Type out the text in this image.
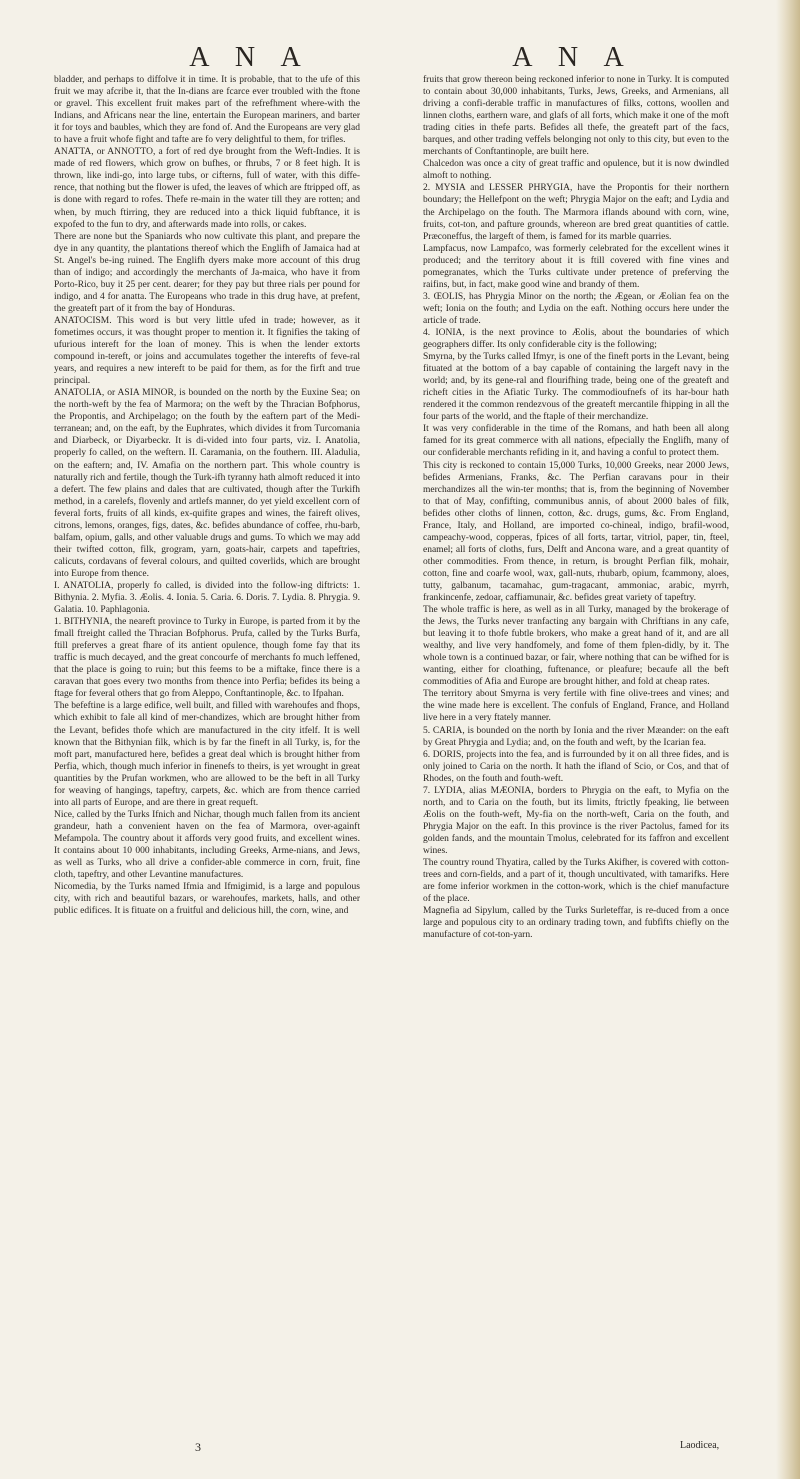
A N A	A N A

bladder, and perhaps to diffolve it in time. It is probable, that to the ufe of this fruit we may afcribe it, that the In-dians are fcarce ever troubled with the ftone or gravel. This excellent fruit makes part of the refrefhment where-with the Indians, and Africans near the line, entertain the European mariners, and barter it for toys and baubles, which they are fond of. And the Europeans are very glad to have a fruit whofe fight and tafte are fo very delightful to them, for trifles.

ANATTA, or ANNOTTO, a fort of red dye brought from the Weft-Indies. It is made of red flowers, which grow on bufhes, or fhrubs, 7 or 8 feet high. It is thrown, like indi-go, into large tubs, or cifterns, full of water, with this diffe-rence, that nothing but the flower is ufed, the leaves of which are ftripped off, as is done with regard to rofes. Thefe re-main in the water till they are rotten; and when, by much ftirring, they are reduced into a thick liquid fubftance, it is expofed to the fun to dry, and afterwards made into rolls, or cakes.

There are none but the Spaniards who now cultivate this plant, and prepare the dye in any quantity, the plantations thereof which the Englifh of Jamaica had at St. Angel's be-ing ruined. The Englifh dyers make more account of this drug than of indigo; and accordingly the merchants of Ja-maica, who have it from Porto-Rico, buy it 25 per cent. dearer; for they pay but three rials per pound for indigo, and 4 for anatta. The Europeans who trade in this drug have, at prefent, the greateft part of it from the bay of Honduras.

ANATOCISM. This word is but very little ufed in trade; however, as it fometimes occurs, it was thought proper to mention it. It fignifies the taking of ufurious intereft for the loan of money. This is when the lender extorts compound in-tereft, or joins and accumulates together the interefts of feve-ral years, and requires a new intereft to be paid for them, as for the firft and true principal.

ANATOLIA, or ASIA MINOR, is bounded on the north by the Euxine Sea; on the north-weft by the fea of Marmora; on the weft by the Thracian Bofphorus, the Propontis, and Archipelago; on the fouth by the eaftern part of the Medi-terranean; and, on the eaft, by the Euphrates, which divides it from Turcomania and Diarbeck, or Diyarbeckr. It is di-vided into four parts, viz. I. Anatolia, properly fo called, on the weftern. II. Caramania, on the fouthern. III. Aladulia, on the eaftern; and, IV. Amafia on the northern part. This whole country is naturally rich and fertile, though the Turk-ifh tyranny hath almoft reduced it into a defert. The few plains and dales that are cultivated, though after the Turkifh method, in a carelefs, flovenly and artlefs manner, do yet yield excellent corn of feveral forts, fruits of all kinds, ex-quifite grapes and wines, the faireft olives, citrons, lemons, oranges, figs, dates, &c. befides abundance of coffee, rhu-barb, balfam, opium, galls, and other valuable drugs and gums. To which we may add their twifted cotton, filk, grogram, yarn, goats-hair, carpets and tapeftries, calicuts, cordavans of feveral colours, and quilted coverlids, which are brought into Europe from thence.

I. ANATOLIA, properly fo called, is divided into the follow-ing diftricts: 1. Bithynia. 2. Myfia. 3. Æolis. 4. Ionia. 5. Caria. 6. Doris. 7. Lydia. 8. Phrygia. 9. Galatia. 10. Paphlagonia.

1. BITHYNIA, the neareft province to Turky in Europe, is parted from it by the fmall ftreight called the Thracian Bofphorus. Prufa, called by the Turks Burfa, ftill preferves a great fhare of its antient opulence, though fome fay that its traffic is much decayed, and the great concourfe of merchants fo much leffened, that the place is going to ruin; but this feems to be a miftake, fince there is a caravan that goes every two months from thence into Perfia; befides its being a ftage for feveral others that go from Aleppo, Conftantinople, &c. to Ifpahan.

The befeftine is a large edifice, well built, and filled with warehoufes and fhops, which exhibit to fale all kind of mer-chandizes, which are brought hither from the Levant, befides thofe which are manufactured in the city itfelf. It is well known that the Bithynian filk, which is by far the fineft in all Turky, is, for the moft part, manufactured here, befides a great deal which is brought hither from Perfia, which, though much inferior in finenefs to theirs, is yet wrought in great quantities by the Prufan workmen, who are allowed to be the beft in all Turky for weaving of hangings, tapeftry, carpets, &c. which are from thence carried into all parts of Europe, and are there in great requeft.

Nice, called by the Turks Ifnich and Nichar, though much fallen from its ancient grandeur, hath a convenient haven on the fea of Marmora, over-againft Mefampola. The country about it affords very good fruits, and excellent wines. It contains about 10 000 inhabitants, including Greeks, Arme-nians, and Jews, as well as Turks, who all drive a confider-able commerce in corn, fruit, fine cloth, tapeftry, and other Levantine manufactures.

Nicomedia, by the Turks named Ifmia and Ifmigimid, is a large and populous city, with rich and beautiful bazars, or warehoufes, markets, halls, and other public edifices. It is fituate on a fruitful and delicious hill, the corn, wine, and

fruits that grow thereon being reckoned inferior to none in Turky. It is computed to contain about 30,000 inhabitants, Turks, Jews, Greeks, and Armenians, all driving a confi-derable traffic in manufactures of filks, cottons, woollen and linnen cloths, earthern ware, and glafs of all forts, which make it one of the moft trading cities in thefe parts. Befides all thefe, the greateft part of the facs, barques, and other trading veffels belonging not only to this city, but even to the merchants of Conftantinople, are built here.

Chalcedon was once a city of great traffic and opulence, but it is now dwindled almoft to nothing.

2. MYSIA and LESSER PHRYGIA, have the Propontis for their northern boundary; the Hellefpont on the weft; Phrygia Major on the eaft; and Lydia and the Archipelago on the fouth. The Marmora iflands abound with corn, wine, fruits, cot-ton, and pafture grounds, whereon are bred great quantities of cattle. Præconeffus, the largeft of them, is famed for its marble quarries.

Lampfacus, now Lampafco, was formerly celebrated for the excellent wines it produced; and the territory about it is ftill covered with fine vines and pomegranates, which the Turks cultivate under pretence of preferving the raifins, but, in fact, make good wine and brandy of them.

3. ŒOLIS, has Phrygia Minor on the north; the Ægean, or Æolian fea on the weft; Ionia on the fouth; and Lydia on the eaft. Nothing occurs here under the article of trade.

4. IONIA, is the next province to Æolis, about the boundaries of which geographers differ. Its only confiderable city is the following;

Smyrna, by the Turks called Ifmyr, is one of the fineft ports in the Levant, being fituated at the bottom of a bay capable of containing the largeft navy in the world; and, by its gene-ral and flourifhing trade, being one of the greateft and richeft cities in the Afiatic Turky. The commodioufnefs of its har-bour hath rendered it the common rendezvous of the greateft mercantile fhipping in all the four parts of the world, and the ftaple of their merchandize.

It was very confiderable in the time of the Romans, and hath been all along famed for its great commerce with all nations, efpecially the Englifh, many of our confiderable merchants refiding in it, and having a conful to protect them.

This city is reckoned to contain 15,000 Turks, 10,000 Greeks, near 2000 Jews, befides Armenians, Franks, &c. The Perfian caravans pour in their merchandizes all the win-ter months; that is, from the beginning of November to that of May, confifting, communibus annis, of about 2000 bales of filk, befides other cloths of linnen, cotton, &c. drugs, gums, &c. From England, France, Italy, and Holland, are imported co-chineal, indigo, brafil-wood, campeachy-wood, copperas, fpices of all forts, tartar, vitriol, paper, tin, fteel, enamel; all forts of cloths, furs, Delft and Ancona ware, and a great quantity of other commodities. From thence, in return, is brought Perfian filk, mohair, cotton, fine and coarfe wool, wax, gall-nuts, rhubarb, opium, fcammony, aloes, tutty, galbanum, tacamahac, gum-tragacant, ammoniac, arabic, myrrh, frankincenfe, zedoar, caffiamunair, &c. befides great variety of tapeftry.

The whole traffic is here, as well as in all Turky, managed by the brokerage of the Jews, the Turks never tranfacting any bargain with Chriftians in any cafe, but leaving it to thofe fubtle brokers, who make a great hand of it, and are all wealthy, and live very handfomely, and fome of them fplen-didly, by it. The whole town is a continued bazar, or fair, where nothing that can be wifhed for is wanting, either for cloathing, fuftenance, or pleafure; becaufe all the beft commodities of Afia and Europe are brought hither, and fold at cheap rates.

The territory about Smyrna is very fertile with fine olive-trees and vines; and the wine made here is excellent. The confuls of England, France, and Holland live here in a very ftately manner.

5. CARIA, is bounded on the north by Ionia and the river Mæander: on the eaft by Great Phrygia and Lydia; and, on the fouth and weft, by the Icarian fea.

6. DORIS, projects into the fea, and is furrounded by it on all three fides, and is only joined to Caria on the north. It hath the ifland of Scio, or Cos, and that of Rhodes, on the fouth and fouth-weft.

7. LYDIA, alias MÆONIA, borders to Phrygia on the eaft, to Myfia on the north, and to Caria on the fouth, but its limits, ftrictly fpeaking, lie between Æolis on the fouth-weft, My-fia on the north-weft, Caria on the fouth, and Phrygia Major on the eaft. In this province is the river Pactolus, famed for its golden fands, and the mountain Tmolus, celebrated for its faffron and excellent wines.

The country round Thyatira, called by the Turks Akifher, is covered with cotton-trees and corn-fields, and a part of it, though uncultivated, with tamarifks. Here are fome inferior workmen in the cotton-work, which is the chief manufacture of the place.

Magnefia ad Sipylum, called by the Turks Surleteffar, is re-duced from a once large and populous city to an ordinary trading town, and fubfifts chiefly on the manufacture of cot-ton-yarn.

3	Laodicea,
